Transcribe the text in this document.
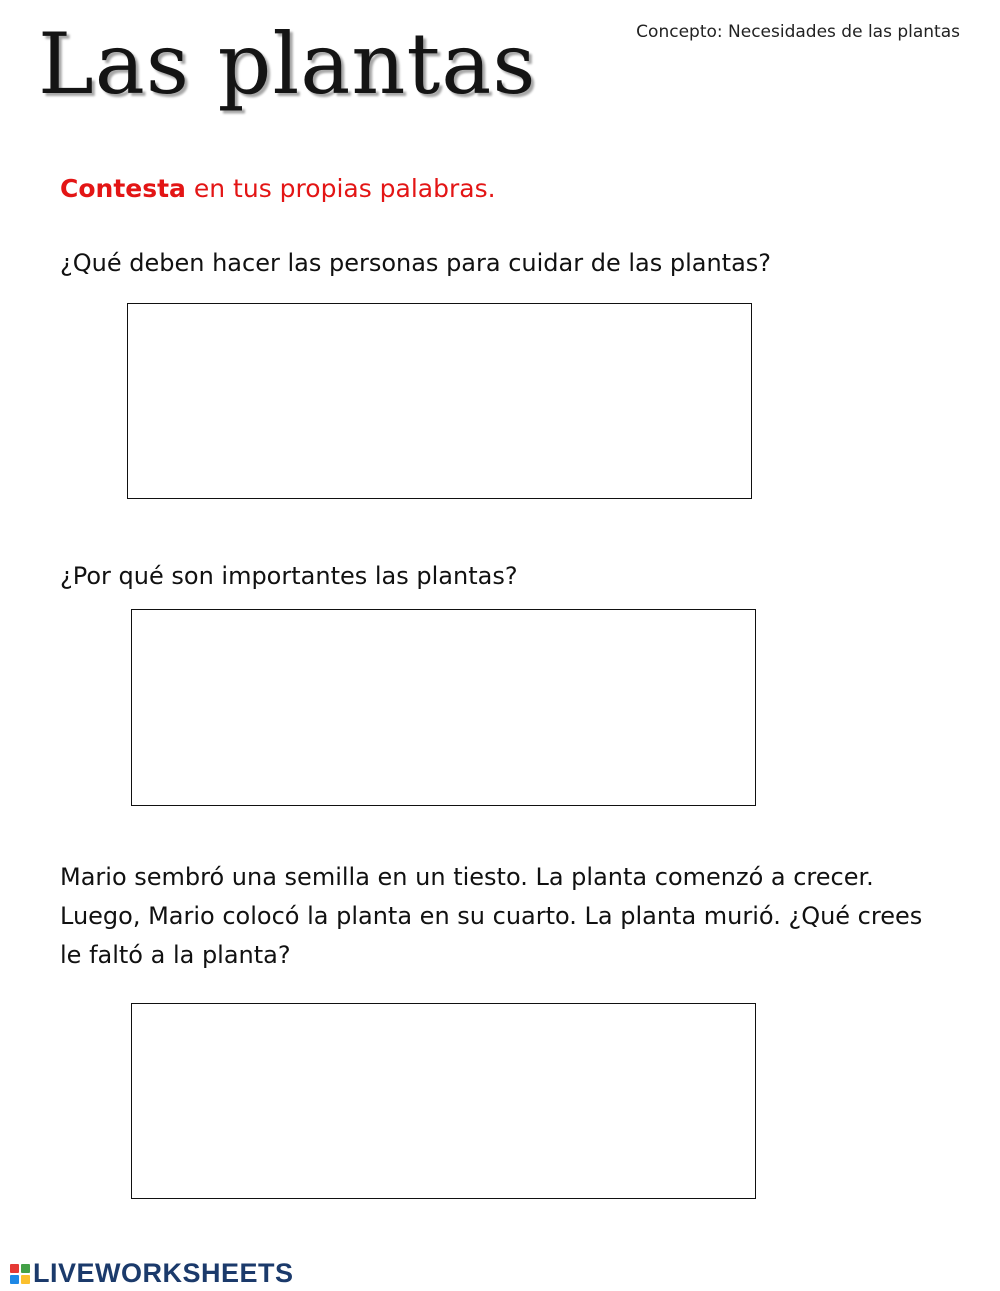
Concepto: Necesidades de las plantas
Las plantas
Contesta en tus propias palabras.
¿Qué deben hacer las personas para cuidar de las plantas?
¿Por qué son importantes las plantas?
Mario sembró una semilla en un tiesto. La planta comenzó a crecer. Luego, Mario colocó la planta en su cuarto. La planta murió. ¿Qué crees le faltó a la planta?
LIVEWORKSHEETS
